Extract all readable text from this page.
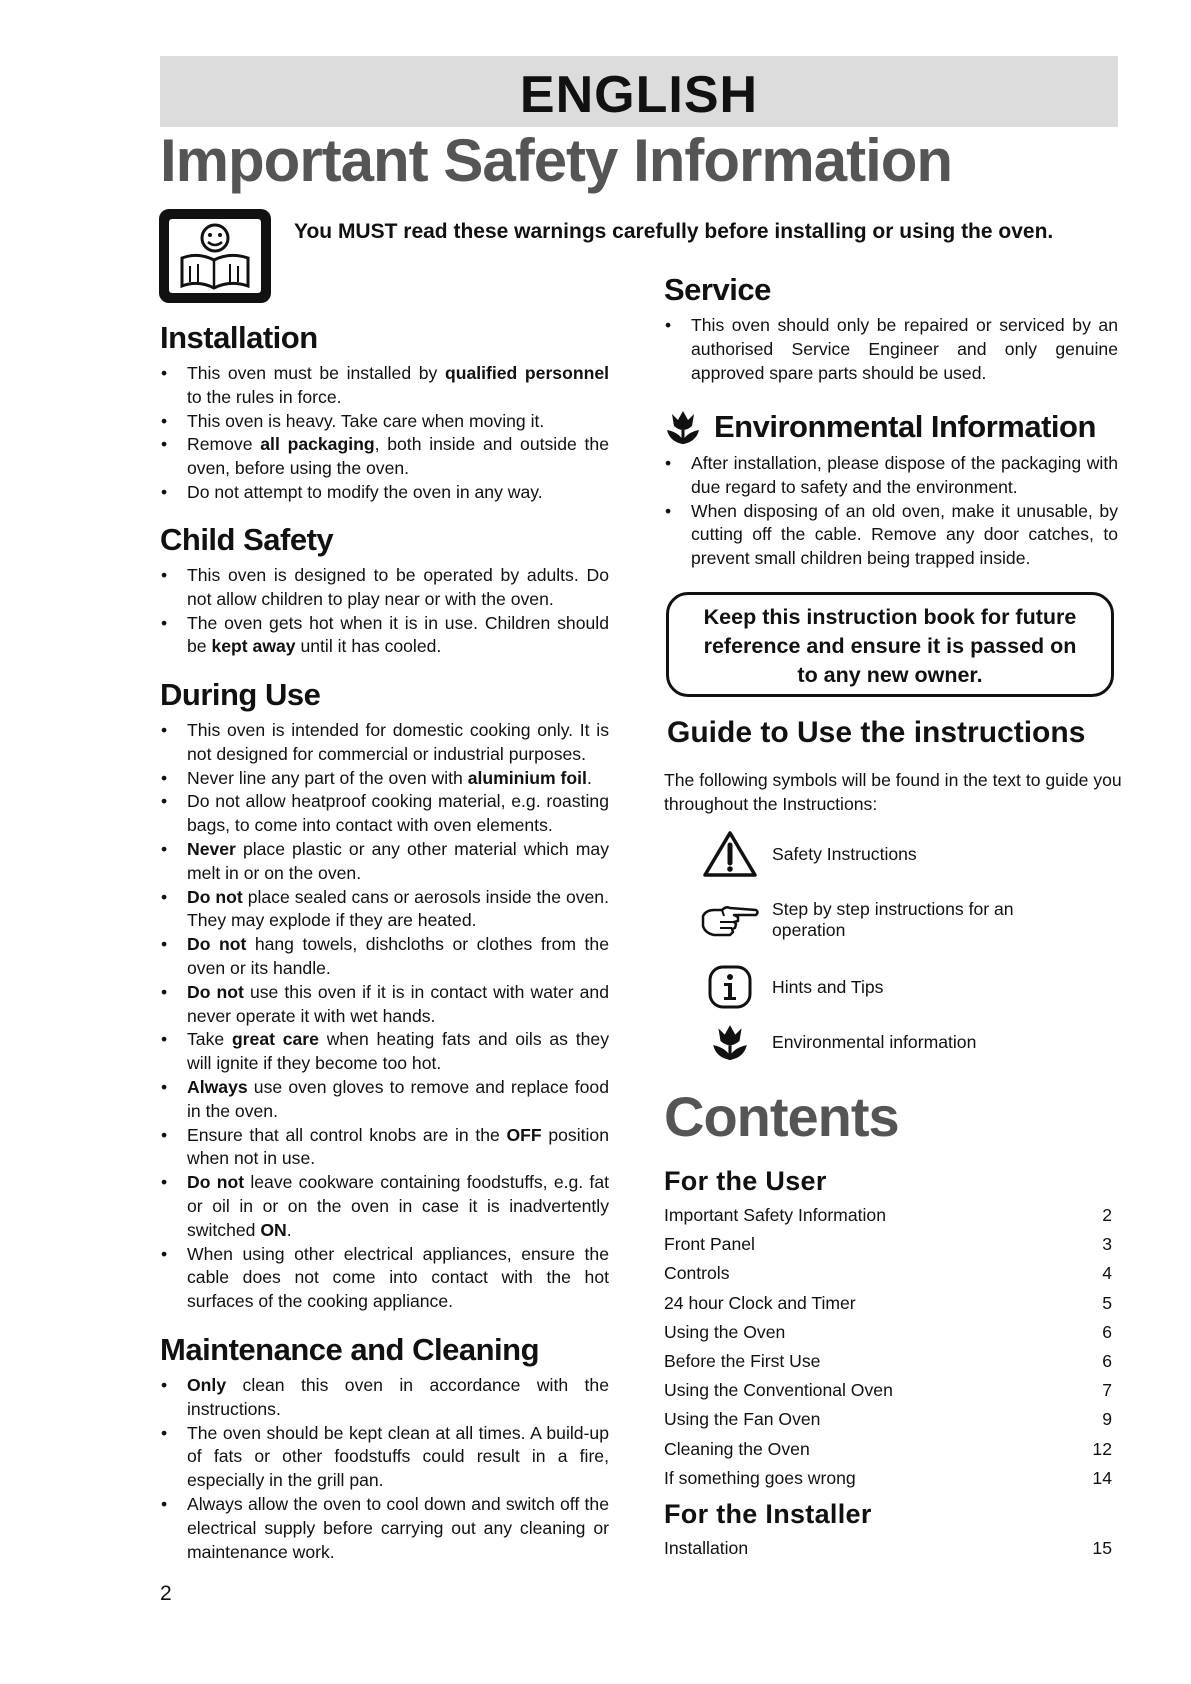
ENGLISH
Important Safety Information
You MUST read these warnings carefully before installing or using the oven.
Installation
• This oven must be installed by qualified personnel to the rules in force.
• This oven is heavy. Take care when moving it.
• Remove all packaging, both inside and outside the oven, before using the oven.
• Do not attempt to modify the oven in any way.
Child Safety
• This oven is designed to be operated by adults. Do not allow children to play near or with the oven.
• The oven gets hot when it is in use. Children should be kept away until it has cooled.
During Use
• This oven is intended for domestic cooking only. It is not designed for commercial or industrial purposes.
• Never line any part of the oven with aluminium foil.
• Do not allow heatproof cooking material, e.g. roasting bags, to come into contact with oven elements.
• Never place plastic or any other material which may melt in or on the oven.
• Do not place sealed cans or aerosols inside the oven. They may explode if they are heated.
• Do not hang towels, dishcloths or clothes from the oven or its handle.
• Do not use this oven if it is in contact with water and never operate it with wet hands.
• Take great care when heating fats and oils as they will ignite if they become too hot.
• Always use oven gloves to remove and replace food in the oven.
• Ensure that all control knobs are in the OFF position when not in use.
• Do not leave cookware containing foodstuffs, e.g. fat or oil in or on the oven in case it is inadvertently switched ON.
• When using other electrical appliances, ensure the cable does not come into contact with the hot surfaces of the cooking appliance.
Maintenance and Cleaning
• Only clean this oven in accordance with the instructions.
• The oven should be kept clean at all times. A build-up of fats or other foodstuffs could result in a fire, especially in the grill pan.
• Always allow the oven to cool down and switch off the electrical supply before carrying out any cleaning or maintenance work.
2
Service
• This oven should only be repaired or serviced by an authorised Service Engineer and only genuine approved spare parts should be used.
Environmental Information
• After installation, please dispose of the packaging with due regard to safety and the environment.
• When disposing of an old oven, make it unusable, by cutting off the cable. Remove any door catches, to prevent small children being trapped inside.
Keep this instruction book for future
reference and ensure it is passed on
to any new owner.
Guide to Use the instructions
The following symbols will be found in the text to guide you throughout the Instructions:
Safety Instructions
Step by step instructions for an operation
Hints and Tips
Environmental information
Contents
For the User
Important Safety Information	2
Front Panel	3
Controls	4
24 hour Clock and Timer	5
Using the Oven	6
Before the First Use	6
Using the Conventional Oven	7
Using the Fan Oven	9
Cleaning the Oven	12
If something goes wrong	14
For the Installer
Installation	15
